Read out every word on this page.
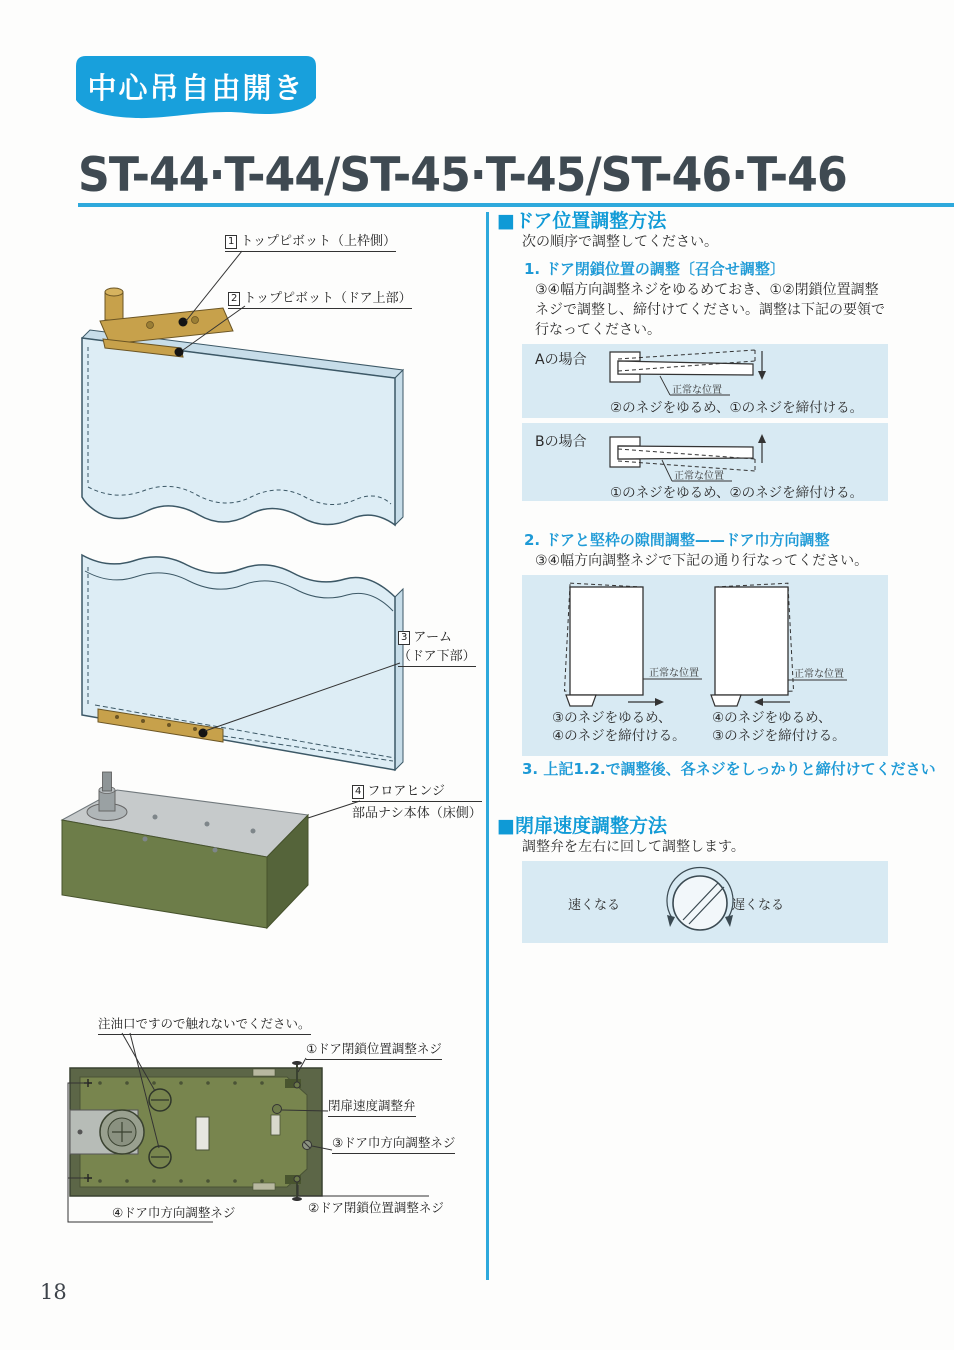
中心吊自由開き
ST-44·T-44/ST-45·T-45/ST-46·T-46
1 トップピボット（上枠側）
2 トップピボット（ドア上部）
3 アーム
（ドア下部）
4 フロアヒンジ
部品ナシ本体（床側）
■ドア位置調整方法
次の順序で調整してください。
1. ドア閉鎖位置の調整〔召合せ調整〕
③④幅方向調整ネジをゆるめておき、①②閉鎖位置調整ネジで調整し、締付けてください。調整は下記の要領で行なってください。
Aの場合
正常な位置
②のネジをゆるめ、①のネジを締付ける。
Bの場合
正常な位置
①のネジをゆるめ、②のネジを締付ける。
2. ドアと堅枠の隙間調整——ドア巾方向調整
③④幅方向調整ネジで下記の通り行なってください。
正常な位置	正常な位置
③のネジをゆるめ、
④のネジを締付ける。
④のネジをゆるめ、
③のネジを締付ける。
3. 上記1.2.で調整後、各ネジをしっかりと締付けてください
■閉扉速度調整方法
調整弁を左右に回して調整します。
速くなる	遅くなる
注油口ですので触れないでください。
①ドア閉鎖位置調整ネジ
閉扉速度調整弁
③ドア巾方向調整ネジ
②ドア閉鎖位置調整ネジ
④ドア巾方向調整ネジ
18
